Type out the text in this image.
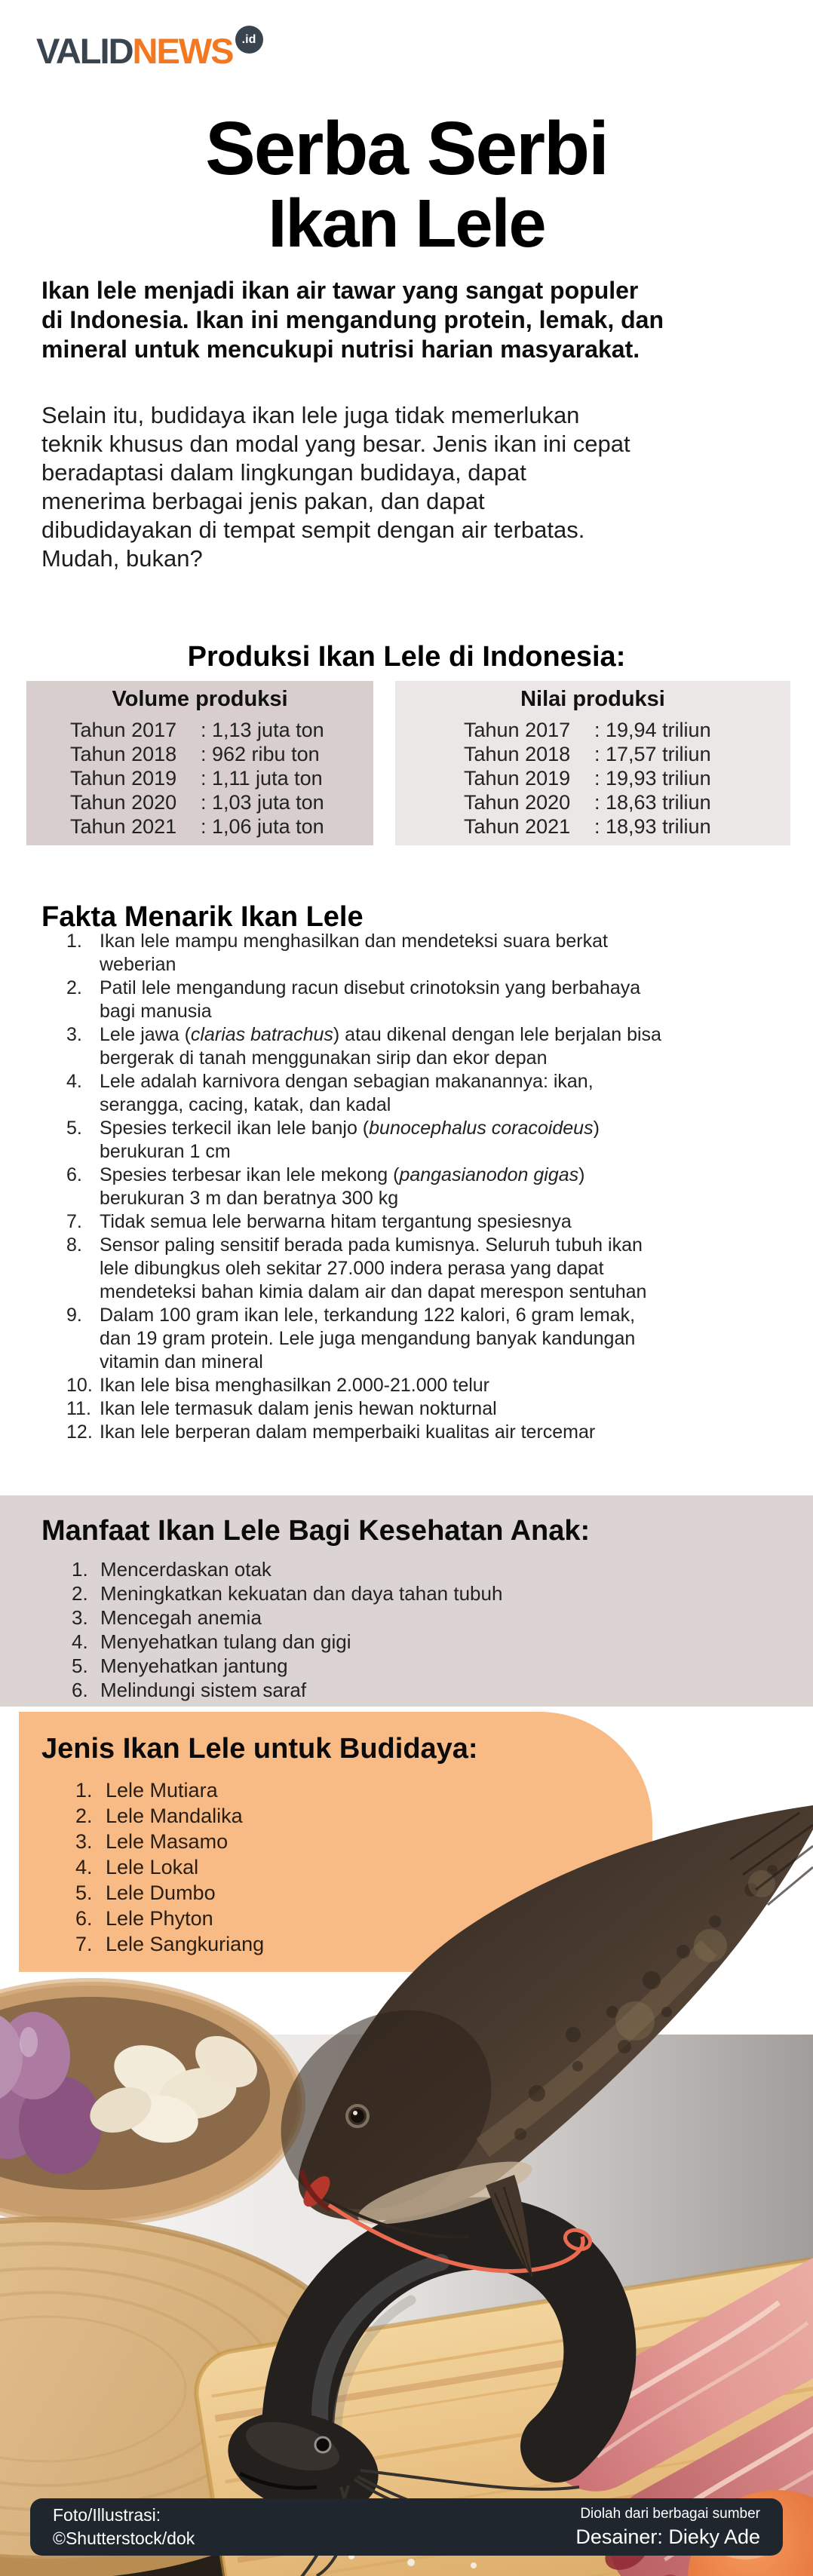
VALID NEWS .id
Serba Serbi
Ikan Lele
Ikan lele menjadi ikan air tawar yang sangat populer
di Indonesia. Ikan ini mengandung protein, lemak, dan
mineral untuk mencukupi nutrisi harian masyarakat.
Selain itu, budidaya ikan lele juga tidak memerlukan
teknik khusus dan modal yang besar. Jenis ikan ini cepat
beradaptasi dalam lingkungan budidaya, dapat
menerima berbagai jenis pakan, dan dapat
dibudidayakan di tempat sempit dengan air terbatas.
Mudah, bukan?
Produksi Ikan Lele di Indonesia:
Volume produksi
Tahun 2017 : 1,13 juta ton
Tahun 2018 : 962 ribu ton
Tahun 2019 : 1,11 juta ton
Tahun 2020 : 1,03 juta ton
Tahun 2021 : 1,06 juta ton
Nilai produksi
Tahun 2017 : 19,94 triliun
Tahun 2018 : 17,57 triliun
Tahun 2019 : 19,93 triliun
Tahun 2020 : 18,63 triliun
Tahun 2021 : 18,93 triliun
Fakta Menarik Ikan Lele
Ikan lele mampu menghasilkan dan mendeteksi suara berkat weberian
Patil lele mengandung racun disebut crinotoksin yang berbahaya bagi manusia
Lele jawa (clarias batrachus) atau dikenal dengan lele berjalan bisa bergerak di tanah menggunakan sirip dan ekor depan
Lele adalah karnivora dengan sebagian makanannya: ikan, serangga, cacing, katak, dan kadal
Spesies terkecil ikan lele banjo (bunocephalus coracoideus) berukuran 1 cm
Spesies terbesar ikan lele mekong (pangasianodon gigas) berukuran 3 m dan beratnya 300 kg
Tidak semua lele berwarna hitam tergantung spesiesnya
Sensor paling sensitif berada pada kumisnya. Seluruh tubuh ikan lele dibungkus oleh sekitar 27.000 indera perasa yang dapat mendeteksi bahan kimia dalam air dan dapat merespon sentuhan
Dalam 100 gram ikan lele, terkandung 122 kalori, 6 gram lemak, dan 19 gram protein. Lele juga mengandung banyak kandungan vitamin dan mineral
Ikan lele bisa menghasilkan 2.000-21.000 telur
Ikan lele termasuk dalam jenis hewan nokturnal
Ikan lele berperan dalam memperbaiki kualitas air tercemar
Manfaat Ikan Lele Bagi Kesehatan Anak:
Mencerdaskan otak
Meningkatkan kekuatan dan daya tahan tubuh
Mencegah anemia
Menyehatkan tulang dan gigi
Menyehatkan jantung
Melindungi sistem saraf
Jenis Ikan Lele untuk Budidaya:
Lele Mutiara
Lele Mandalika
Lele Masamo
Lele Lokal
Lele Dumbo
Lele Phyton
Lele Sangkuriang
Foto/Illustrasi:
©Shutterstock/dok
Diolah dari berbagai sumber
Desainer: Dieky Ade
